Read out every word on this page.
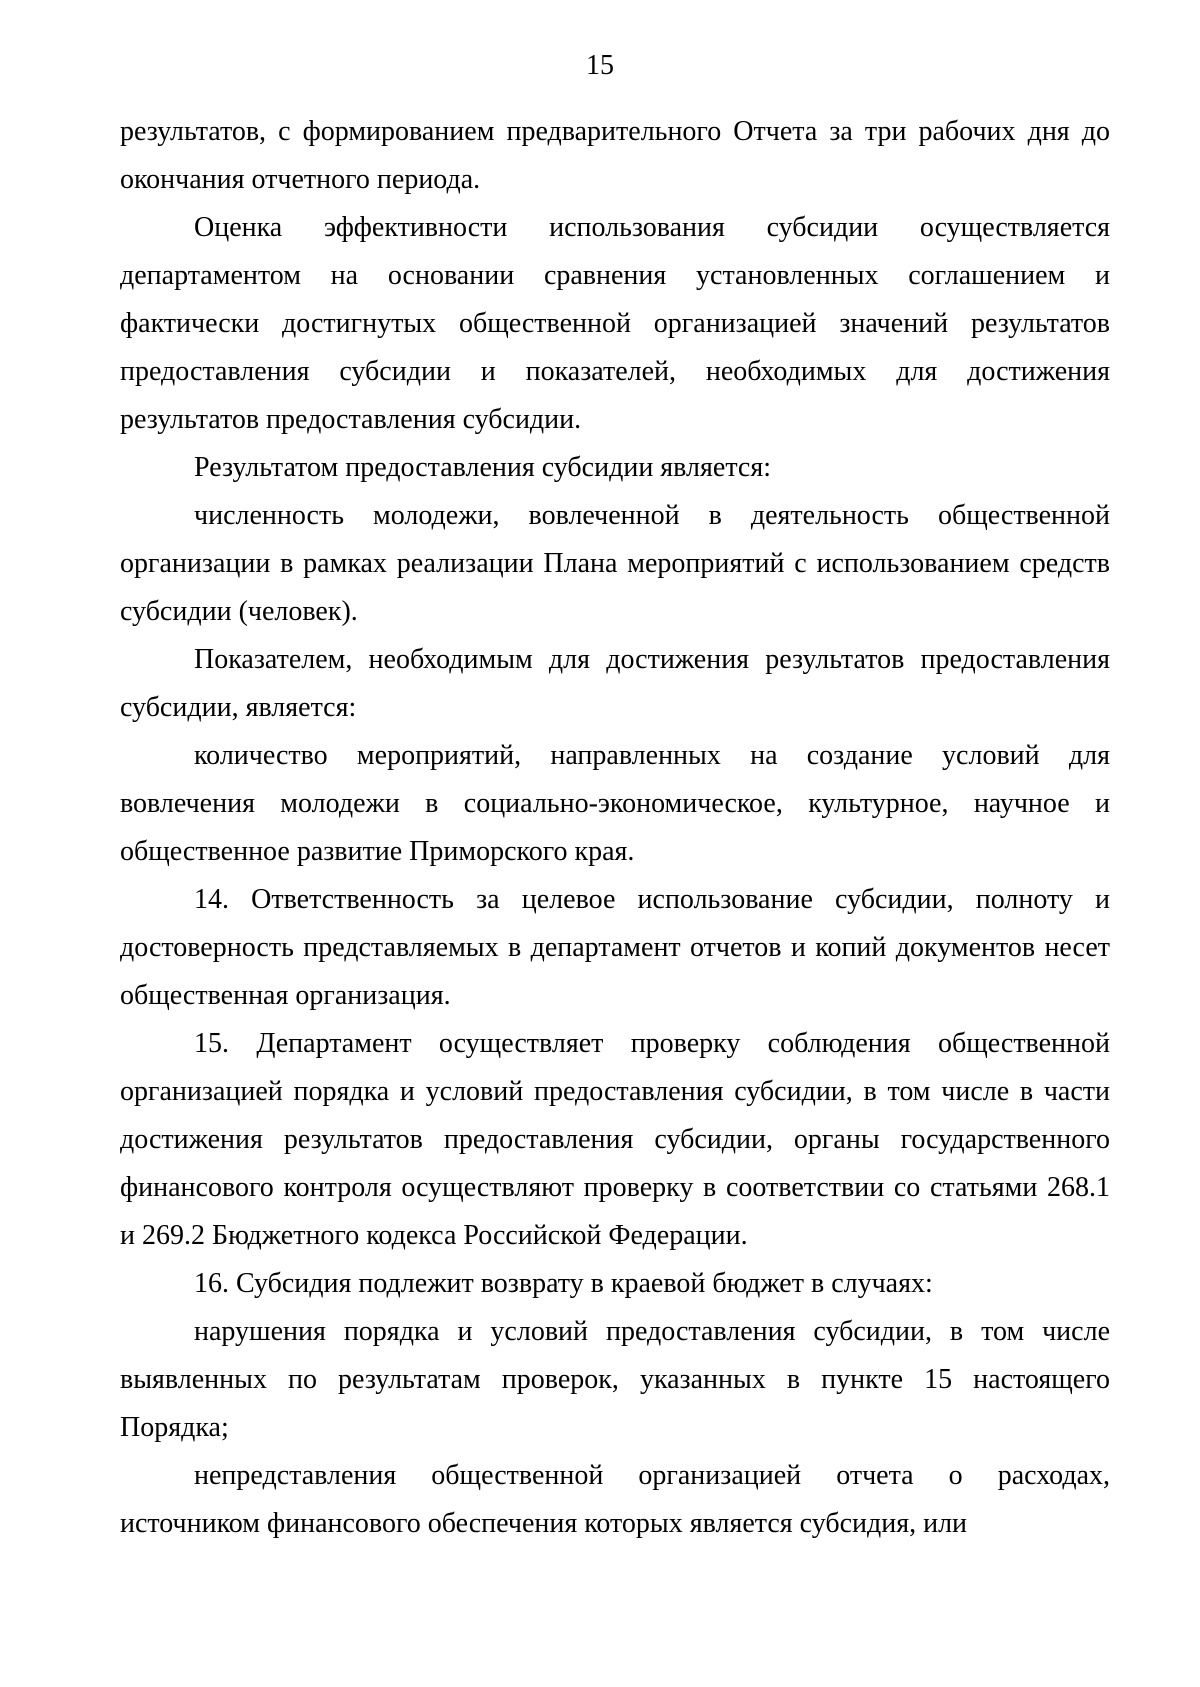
15

результатов, с формированием предварительного Отчета за три рабочих дня до окончания отчетного периода.

Оценка эффективности использования субсидии осуществляется департаментом на основании сравнения установленных соглашением и фактически достигнутых общественной организацией значений результатов предоставления субсидии и показателей, необходимых для достижения результатов предоставления субсидии.

Результатом предоставления субсидии является:

численность молодежи, вовлеченной в деятельность общественной организации в рамках реализации Плана мероприятий с использованием средств субсидии (человек).

Показателем, необходимым для достижения результатов предоставления субсидии, является:

количество мероприятий, направленных на создание условий для вовлечения молодежи в социально-экономическое, культурное, научное и общественное развитие Приморского края.

14. Ответственность за целевое использование субсидии, полноту и достоверность представляемых в департамент отчетов и копий документов несет общественная организация.

15. Департамент осуществляет проверку соблюдения общественной организацией порядка и условий предоставления субсидии, в том числе в части достижения результатов предоставления субсидии, органы государственного финансового контроля осуществляют проверку в соответствии со статьями 268.1 и 269.2 Бюджетного кодекса Российской Федерации.

16. Субсидия подлежит возврату в краевой бюджет в случаях:

нарушения порядка и условий предоставления субсидии, в том числе выявленных по результатам проверок, указанных в пункте 15 настоящего Порядка;

непредставления общественной организацией отчета о расходах, источником финансового обеспечения которых является субсидия, или
